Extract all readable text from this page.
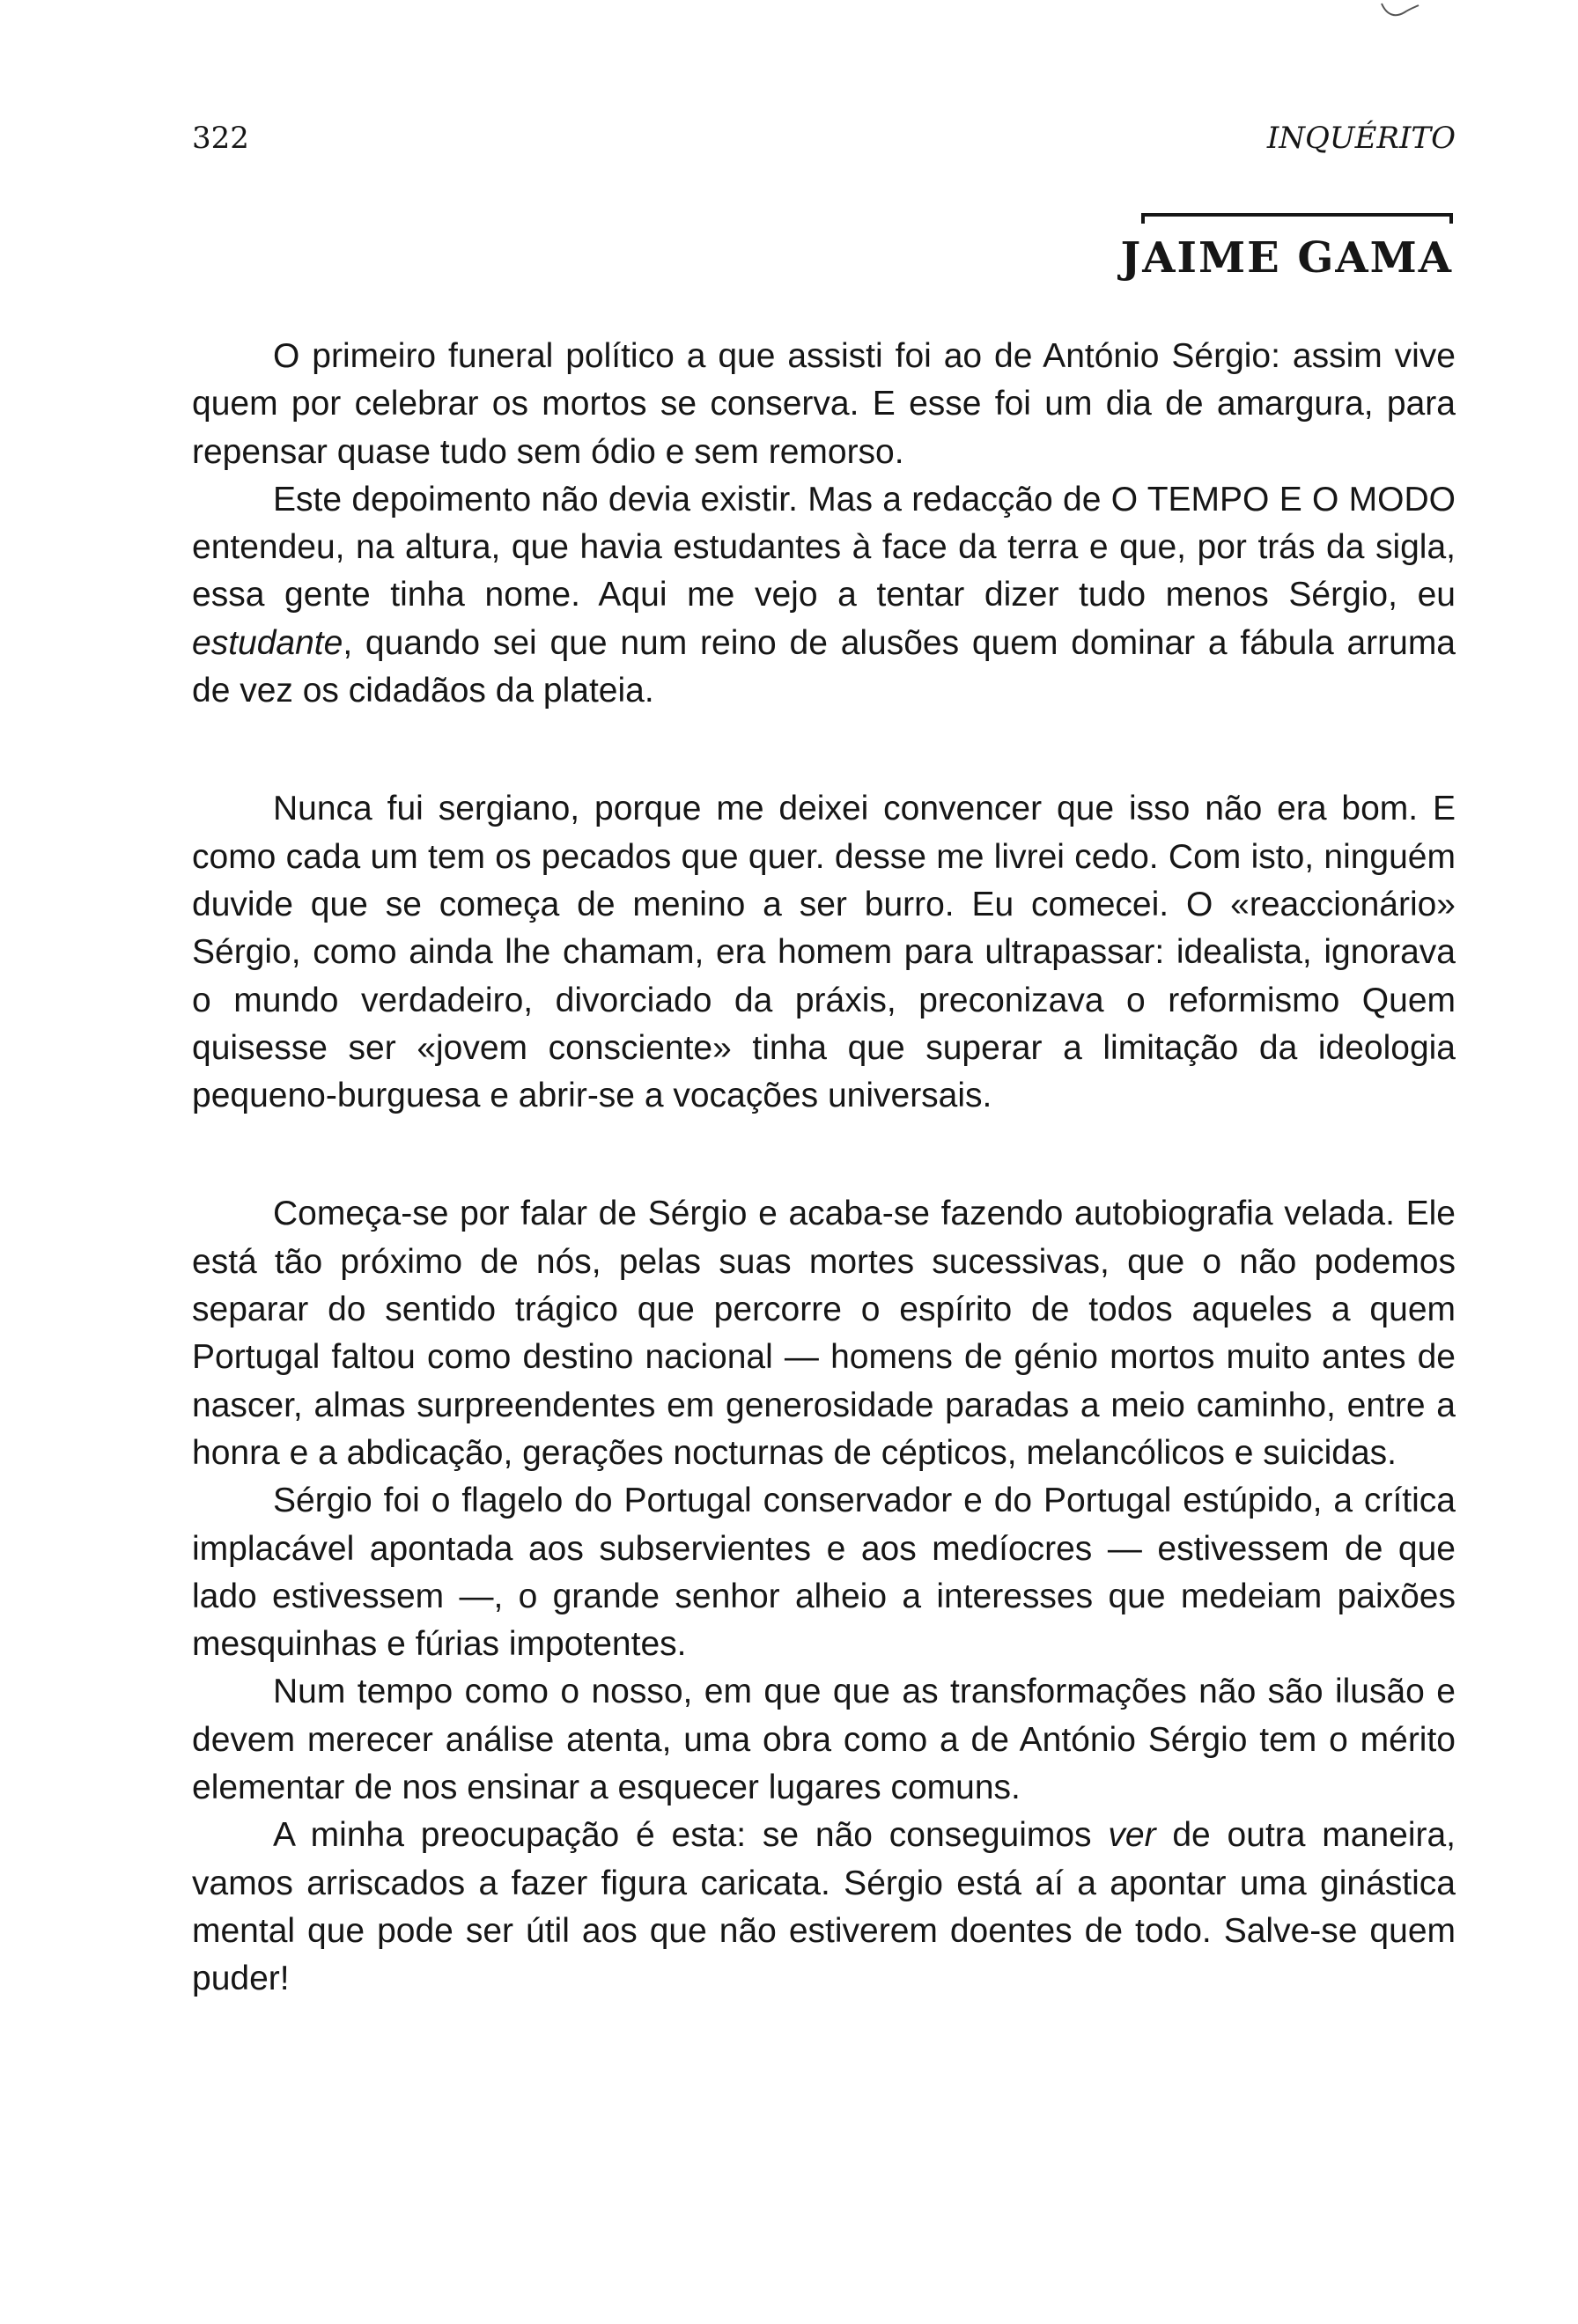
322	INQUÉRITO
JAIME GAMA

O primeiro funeral político a que assisti foi ao de António Sérgio: assim vive quem por celebrar os mortos se conserva. E esse foi um dia de amargura, para repensar quase tudo sem ódio e sem remorso.

Este depoimento não devia existir. Mas a redacção de O TEMPO E O MODO entendeu, na altura, que havia estudantes à face da terra e que, por trás da sigla, essa gente tinha nome. Aqui me vejo a tentar dizer tudo menos Sérgio, eu estudante, quando sei que num reino de alusões quem dominar a fábula arruma de vez os cidadãos da plateia.

Nunca fui sergiano, porque me deixei convencer que isso não era bom. E como cada um tem os pecados que quer. desse me livrei cedo. Com isto, ninguém duvide que se começa de menino a ser burro. Eu comecei. O «reaccionário» Sérgio, como ainda lhe chamam, era homem para ultrapassar: idealista, ignorava o mundo verdadeiro, divorciado da práxis, preconizava o reformismo Quem quisesse ser «jovem consciente» tinha que superar a limitação da ideologia pequeno-burguesa e abrir-se a vocações universais.

Começa-se por falar de Sérgio e acaba-se fazendo autobiografia velada. Ele está tão próximo de nós, pelas suas mortes sucessivas, que o não podemos separar do sentido trágico que percorre o espírito de todos aqueles a quem Portugal faltou como destino nacional — homens de génio mortos muito antes de nascer, almas surpreendentes em generosidade paradas a meio caminho, entre a honra e a abdicação, gerações nocturnas de cépticos, melancólicos e suicidas.

Sérgio foi o flagelo do Portugal conservador e do Portugal estúpido, a crítica implacável apontada aos subservientes e aos medíocres — estivessem de que lado estivessem —, o grande senhor alheio a interesses que medeiam paixões mesquinhas e fúrias impotentes.

Num tempo como o nosso, em que que as transformações não são ilusão e devem merecer análise atenta, uma obra como a de António Sérgio tem o mérito elementar de nos ensinar a esquecer lugares comuns.

A minha preocupação é esta: se não conseguimos ver de outra maneira, vamos arriscados a fazer figura caricata. Sérgio está aí a apontar uma ginástica mental que pode ser útil aos que não estiverem doentes de todo. Salve-se quem puder!
